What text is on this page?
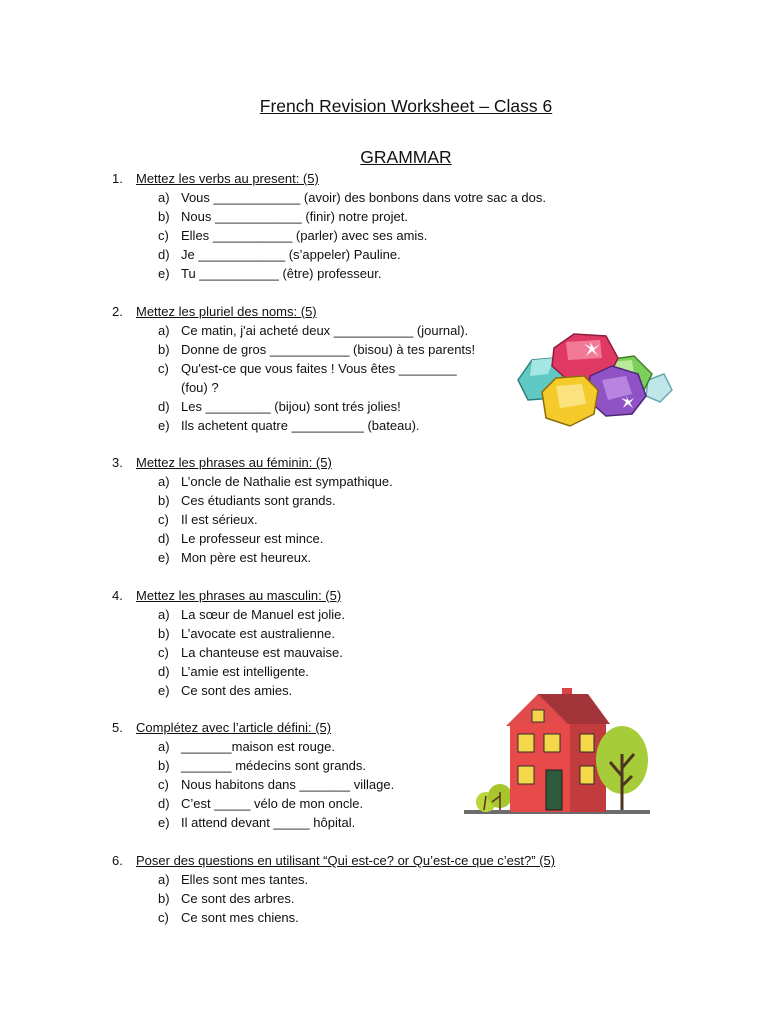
French Revision Worksheet – Class 6
GRAMMAR
1. Mettez les verbs au present: (5)
a) Vous ____________ (avoir) des bonbons dans votre sac a dos.
b) Nous ____________ (finir) notre projet.
c) Elles ___________ (parler) avec ses amis.
d) Je ____________ (s’appeler) Pauline.
e) Tu ___________ (être) professeur.
2. Mettez les pluriel des noms: (5)
a) Ce matin, j'ai acheté deux ___________ (journal).
b) Donne de gros ___________ (bisou) à tes parents!
c) Qu'est-ce que vous faites ! Vous êtes ________ (fou) ?
d) Les _________ (bijou) sont trés jolies!
e) Ils achetent quatre __________ (bateau).
3. Mettez les phrases au féminin: (5)
a) L’oncle de Nathalie est sympathique.
b) Ces étudiants sont grands.
c) Il est sérieux.
d) Le professeur est mince.
e) Mon père est heureux.
4. Mettez les phrases au masculin: (5)
a) La sœur de Manuel est jolie.
b) L’avocate est australienne.
c) La chanteuse est mauvaise.
d) L’amie est intelligente.
e) Ce sont des amies.
5. Complétez avec l’article défini: (5)
a) _______maison est rouge.
b) _______ médecins sont grands.
c) Nous habitons dans _______ village.
d) C’est _____ vélo de mon oncle.
e) Il attend devant _____ hôpital.
6. Poser des questions en utilisant “Qui est-ce? or Qu’est-ce que c’est?” (5)
a) Elles sont mes tantes.
b) Ce sont des arbres.
c) Ce sont mes chiens.
